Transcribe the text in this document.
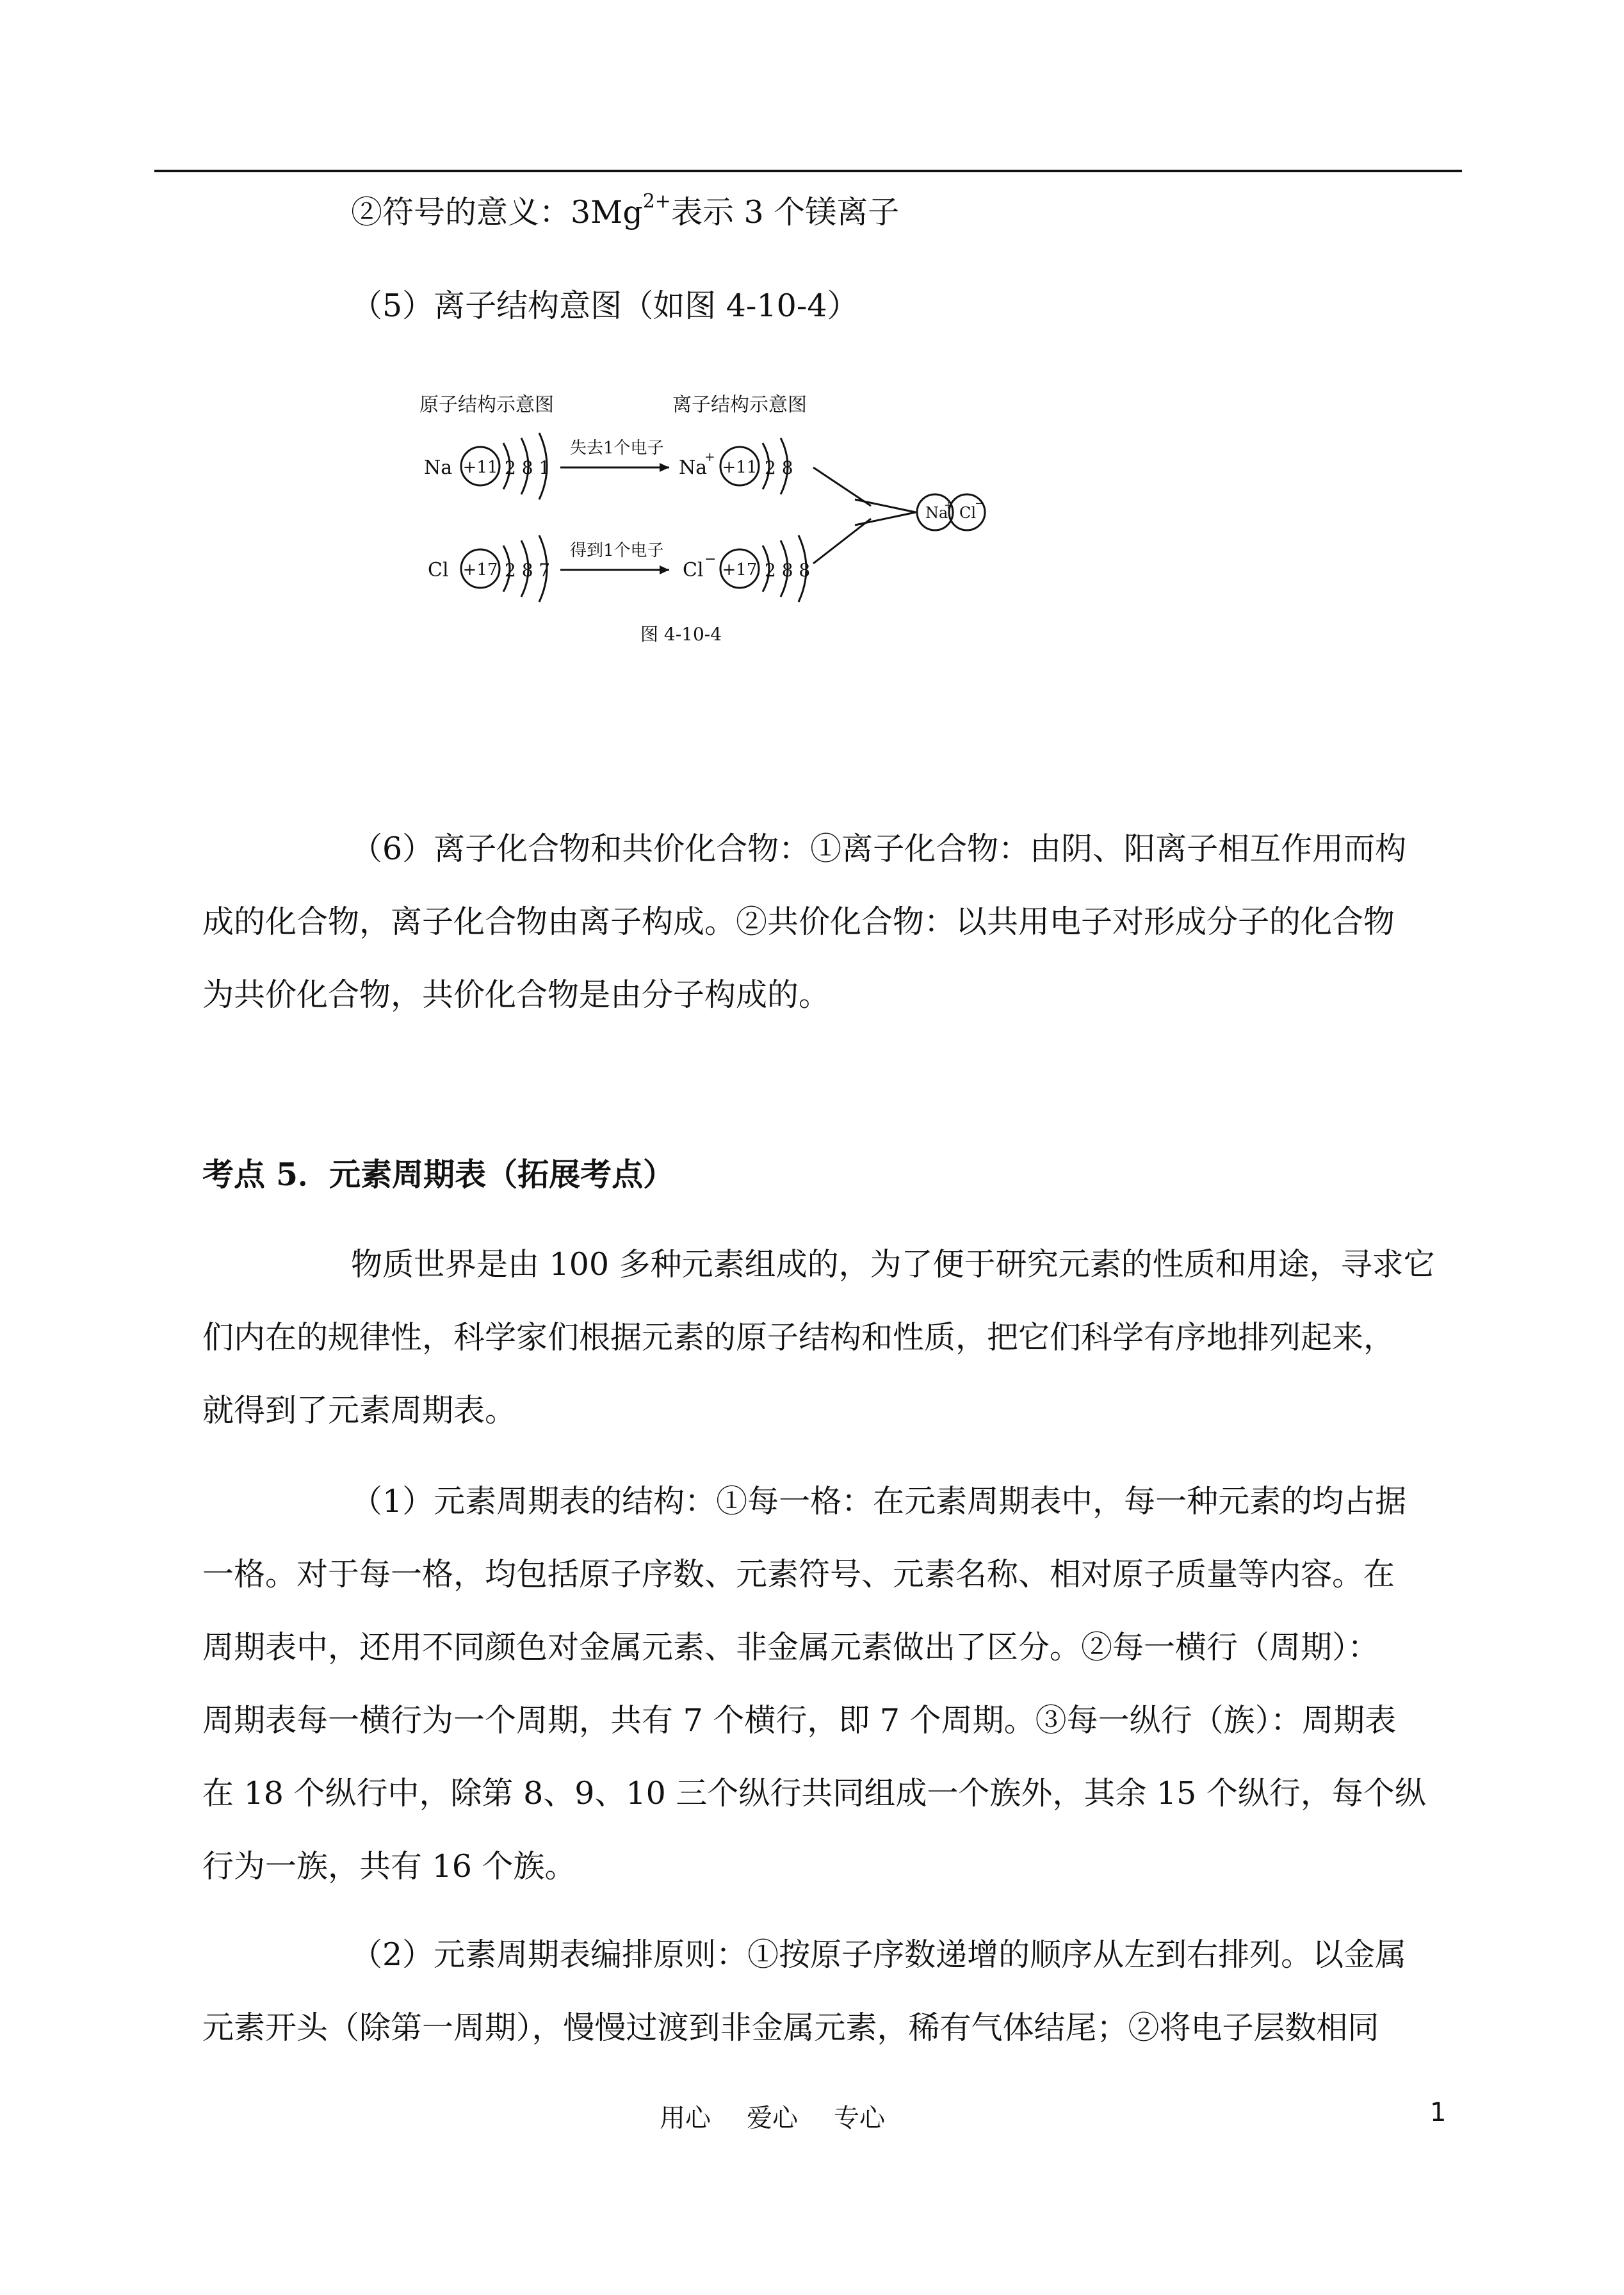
②符号的意义：$3Mg^{2+}$表示 3 个镁离子
（5）离子结构意图（如图 4-10-4）
原子结构示意图	离子结构示意图
Na +11 2 8 1
失去1个电子
Na
+
+11 2 8
Cl +17 2 8 7
得到1个电子
Cl −
+17 2 8 8
Na
+ Cl
−
图 4-10-4
（6）离子化合物和共价化合物：①离子化合物：由阴、阳离子相互作用而构
成的化合物，离子化合物由离子构成。②共价化合物：以共用电子对形成分子的化合物
为共价化合物，共价化合物是由分子构成的。
考点 5．元素周期表（拓展考点）
物质世界是由 100 多种元素组成的，为了便于研究元素的性质和用途，寻求它
们内在的规律性，科学家们根据元素的原子结构和性质，把它们科学有序地排列起来，
就得到了元素周期表。
（1）元素周期表的结构：①每一格：在元素周期表中，每一种元素的均占据
一格。对于每一格，均包括原子序数、元素符号、元素名称、相对原子质量等内容。在
周期表中，还用不同颜色对金属元素、非金属元素做出了区分。②每一横行（周期）：
周期表每一横行为一个周期，共有 7 个横行，即 7 个周期。③每一纵行（族）：周期表
在 18 个纵行中，除第 8、9、10 三个纵行共同组成一个族外，其余 15 个纵行，每个纵
行为一族，共有 16 个族。
（2）元素周期表编排原则：①按原子序数递增的顺序从左到右排列。以金属
元素开头（除第一周期），慢慢过渡到非金属元素，稀有气体结尾；②将电子层数相同
用心 爱心 专心	1
